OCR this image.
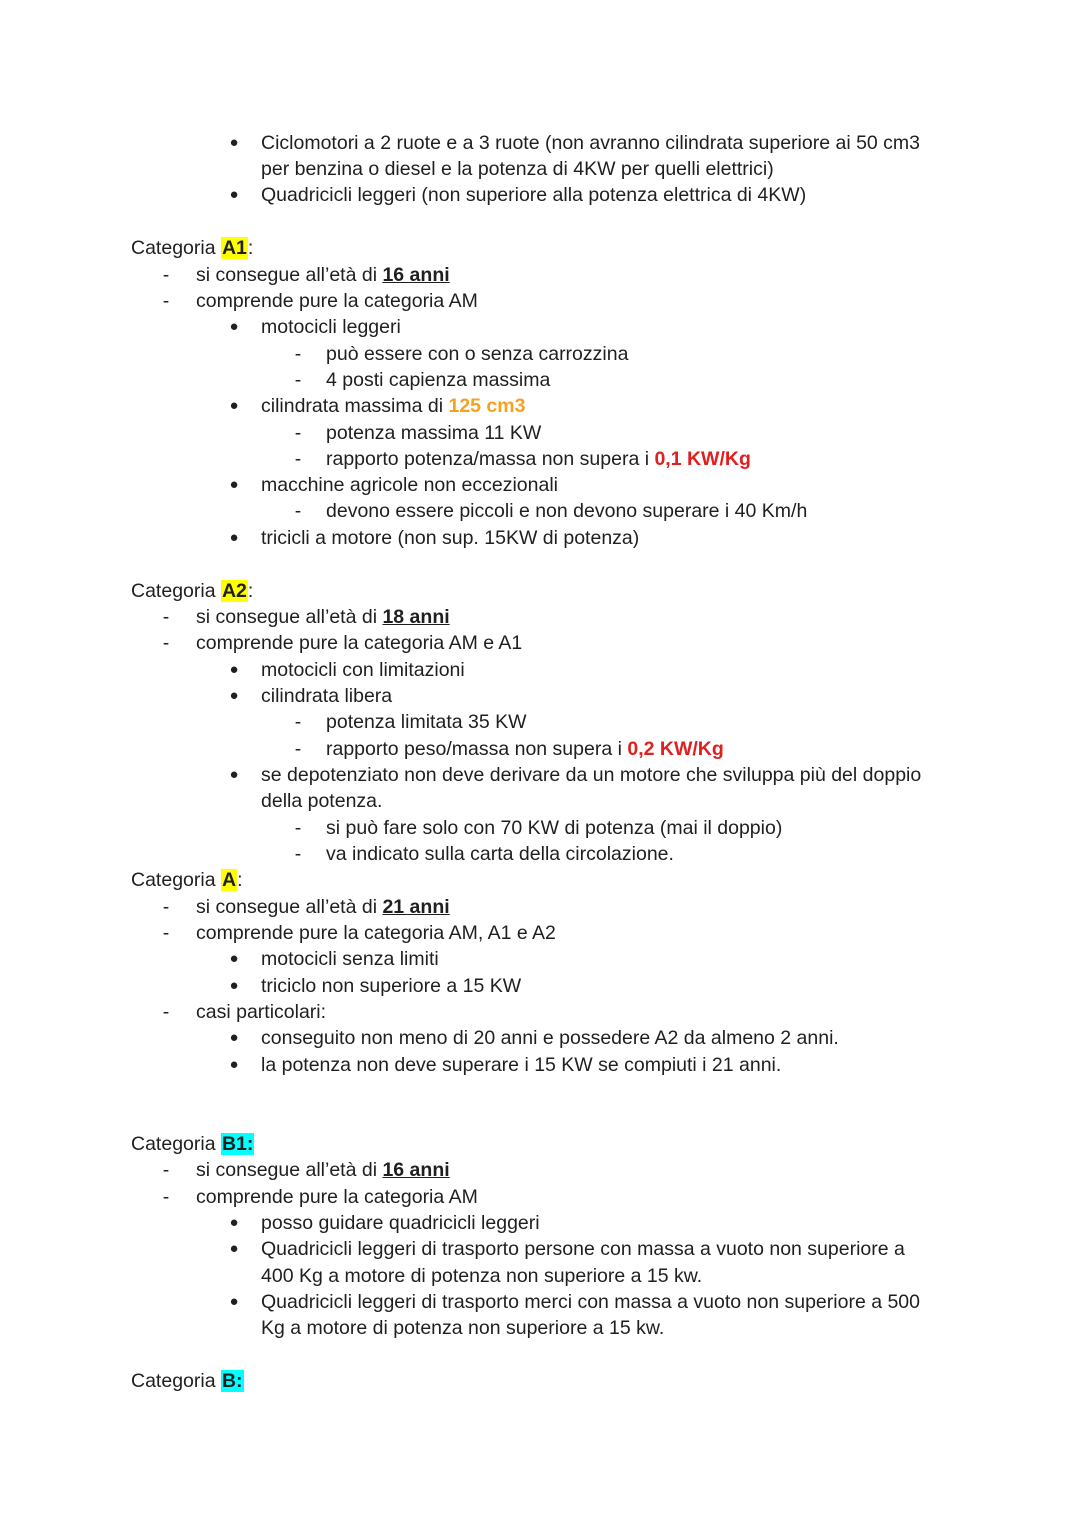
● Ciclomotori a 2 ruote e a 3 ruote (non avranno cilindrata superiore ai 50 cm3
per benzina o diesel e la potenza di 4KW per quelli elettrici)
● Quadricicli leggeri (non superiore alla potenza elettrica di 4KW)
Categoria A1:
- si consegue all’età di 16 anni
- comprende pure la categoria AM
● motocicli leggeri
- può essere con o senza carrozzina
- 4 posti capienza massima
● cilindrata massima di 125 cm3
- potenza massima 11 KW
- rapporto potenza/massa non supera i 0,1 KW/Kg
● macchine agricole non eccezionali
- devono essere piccoli e non devono superare i 40 Km/h
● tricicli a motore (non sup. 15KW di potenza)
Categoria A2:
- si consegue all’età di 18 anni
- comprende pure la categoria AM e A1
● motocicli con limitazioni
● cilindrata libera
- potenza limitata 35 KW
- rapporto peso/massa non supera i 0,2 KW/Kg
● se depotenziato non deve derivare da un motore che sviluppa più del doppio
della potenza.
- si può fare solo con 70 KW di potenza (mai il doppio)
- va indicato sulla carta della circolazione.
Categoria A:
- si consegue all’età di 21 anni
- comprende pure la categoria AM, A1 e A2
● motocicli senza limiti
● triciclo non superiore a 15 KW
- casi particolari:
● conseguito non meno di 20 anni e possedere A2 da almeno 2 anni.
● la potenza non deve superare i 15 KW se compiuti i 21 anni.
Categoria B1:
- si consegue all’età di 16 anni
- comprende pure la categoria AM
● posso guidare quadricicli leggeri
● Quadricicli leggeri di trasporto persone con massa a vuoto non superiore a
400 Kg a motore di potenza non superiore a 15 kw.
● Quadricicli leggeri di trasporto merci con massa a vuoto non superiore a 500
Kg a motore di potenza non superiore a 15 kw.
Categoria B:
